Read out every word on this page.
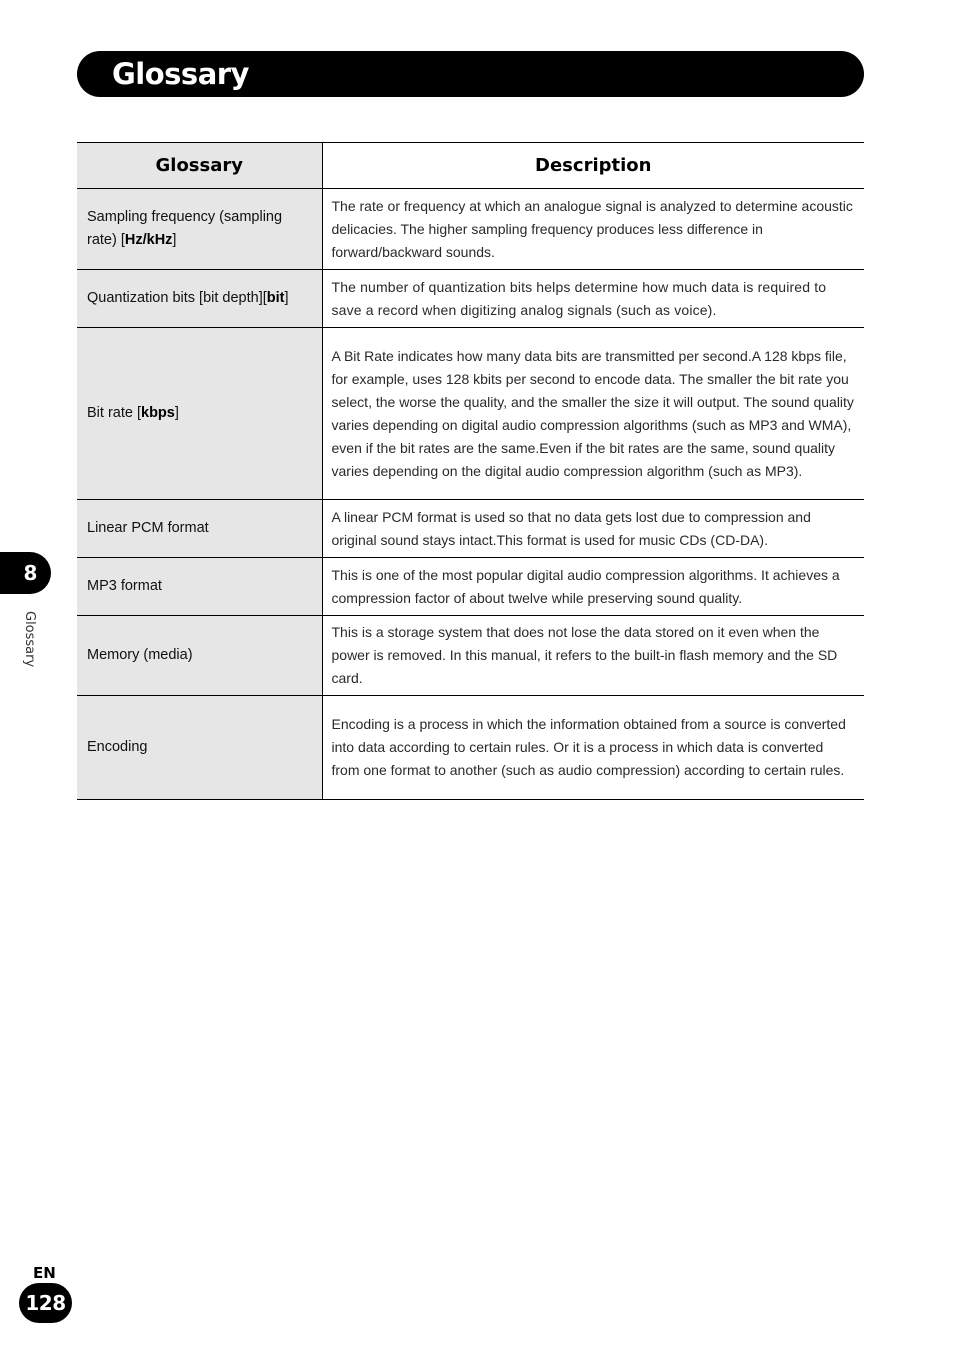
Glossary
Glossary	Description
Sampling frequency (sampling rate) [Hz/kHz]	The rate or frequency at which an analogue signal is analyzed to determine acoustic delicacies. The higher sampling frequency produces less difference in forward/backward sounds.
Quantization bits [bit depth][bit]	The number of quantization bits helps determine how much data is required to save a record when digitizing analog signals (such as voice).
Bit rate [kbps]	A Bit Rate indicates how many data bits are transmitted per second.A 128 kbps file, for example, uses 128 kbits per second to encode data. The smaller the bit rate you select, the worse the quality, and the smaller the size it will output. The sound quality varies depending on digital audio compression algorithms (such as MP3 and WMA), even if the bit rates are the same.Even if the bit rates are the same, sound quality varies depending on the digital audio compression algorithm (such as MP3).
Linear PCM format	A linear PCM format is used so that no data gets lost due to compression and original sound stays intact.This format is used for music CDs (CD-DA).
MP3 format	This is one of the most popular digital audio compression algorithms. It achieves a compression factor of about twelve while preserving sound quality.
Memory (media)	This is a storage system that does not lose the data stored on it even when the power is removed. In this manual, it refers to the built-in flash memory and the SD card.
Encoding	Encoding is a process in which the information obtained from a source is converted into data according to certain rules. Or it is a process in which data is converted from one format to another (such as audio compression) according to certain rules.
8
Glossary
EN
128
